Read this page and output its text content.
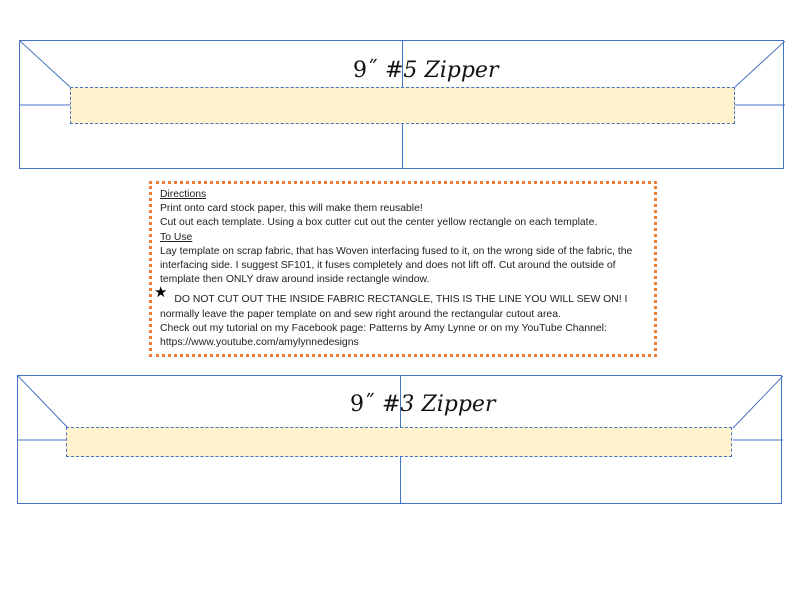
9˝ #5 Zipper
Directions
Print onto card stock paper, this will make them reusable!
Cut out each template. Using a box cutter cut out the center yellow rectangle on each template.
To Use
Lay template on scrap fabric, that has Woven interfacing fused to it, on the wrong side of the fabric, the interfacing side. I suggest SF101, it fuses completely and does not lift off. Cut around the outside of template then ONLY draw around inside rectangle window.
★ DO NOT CUT OUT THE INSIDE FABRIC RECTANGLE, THIS IS THE LINE YOU WILL SEW ON! I normally leave the paper template on and sew right around the rectangular cutout area.
Check out my tutorial on my Facebook page: Patterns by Amy Lynne or on my YouTube Channel:
https://www.youtube.com/amylynnedesigns
9˝ #3 Zipper
